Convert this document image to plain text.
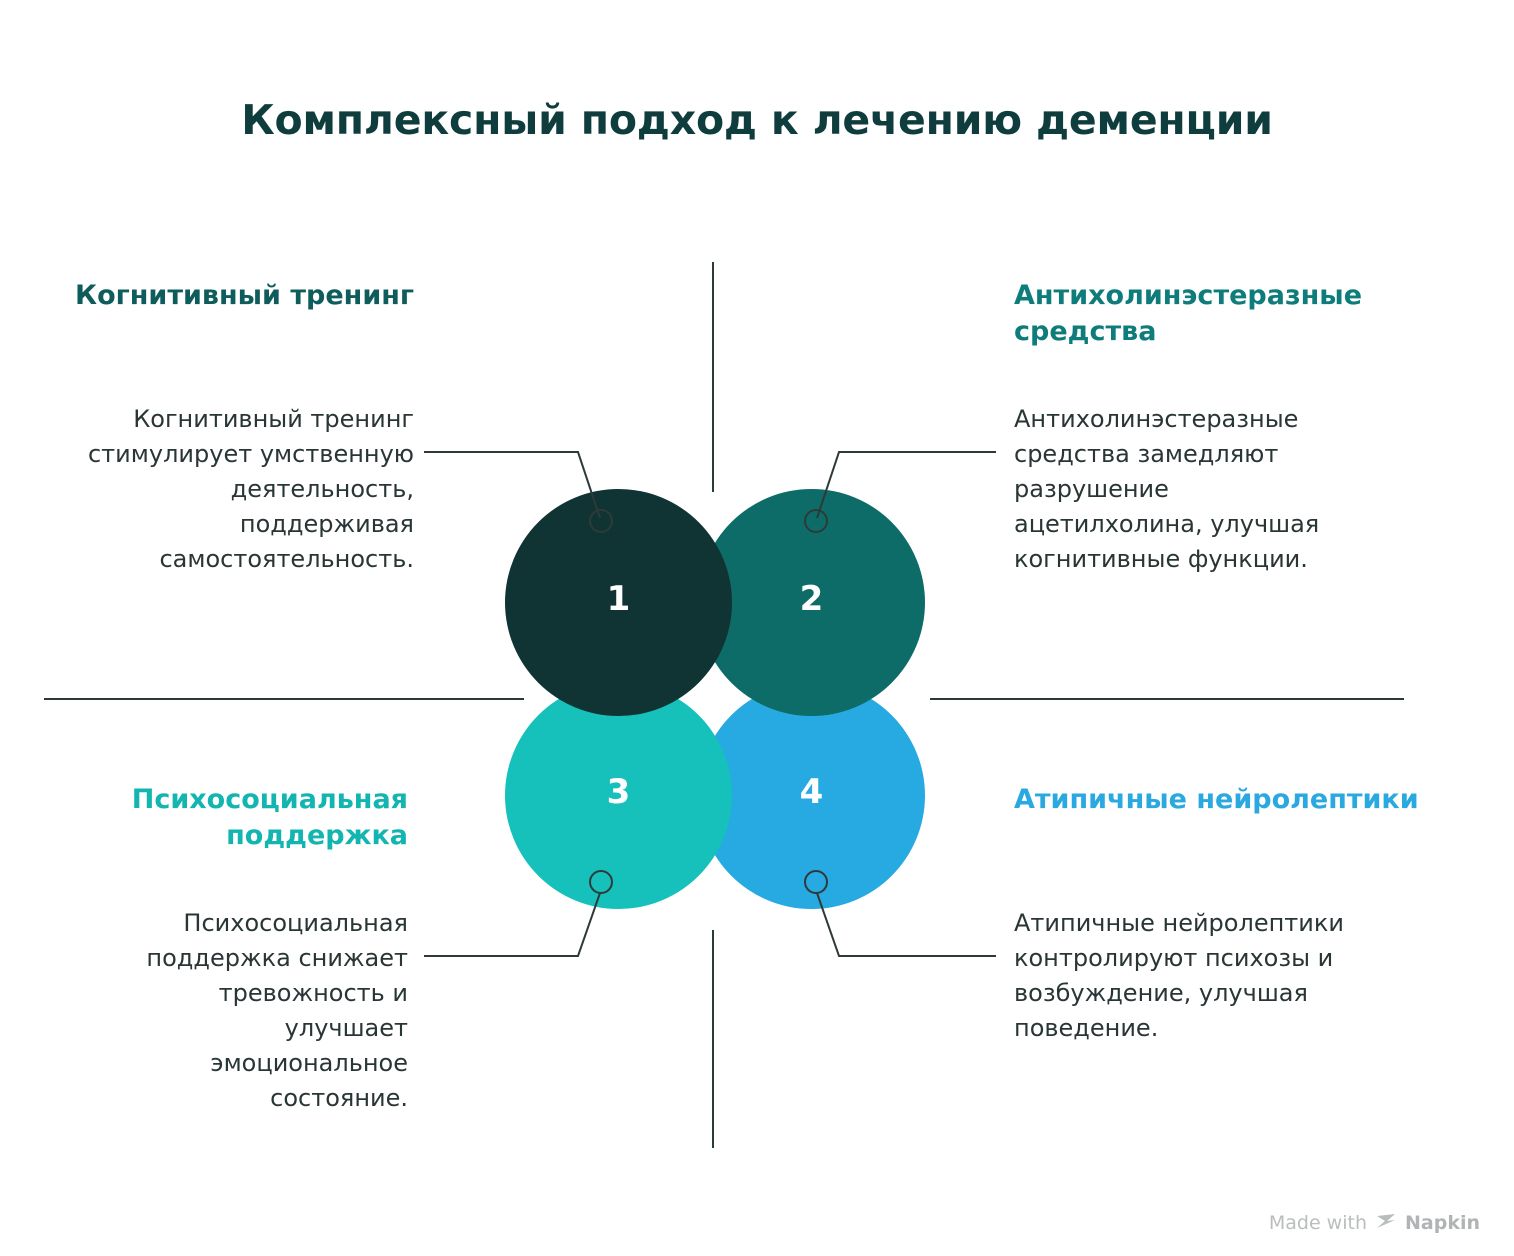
Комплексный подход к лечению деменции
Когнитивный тренинг	Антихолинэстеразные средства
Психосоциальная поддержка
Атипичные нейролептики
Когнитивный тренинг стимулирует умственную деятельность, поддерживая самостоятельность.
Антихолинэстеразные средства замедляют разрушение ацетилхолина, улучшая когнитивные функции.
Психосоциальная поддержка снижает тревожность и улучшает эмоциональное состояние.
Атипичные нейролептики контролируют психозы и возбуждение, улучшая поведение.
1	2
3	4
Made with Napkin
